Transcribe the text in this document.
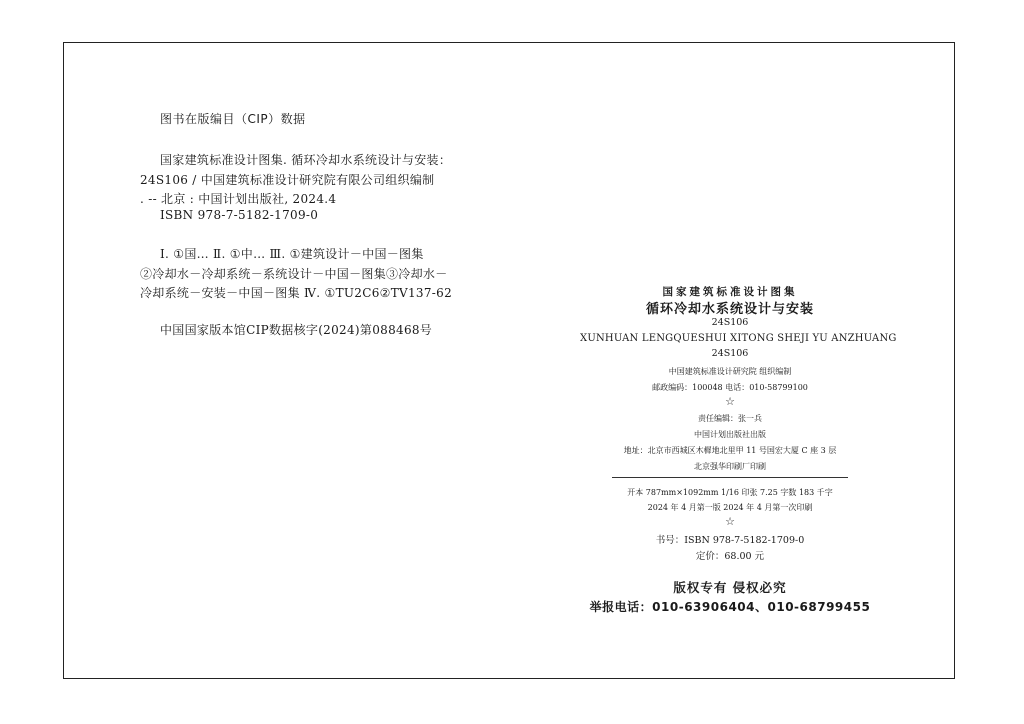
图书在版编目（CIP）数据
国家建筑标准设计图集. 循环冷却水系统设计与安装：
24S106 / 中国建筑标准设计研究院有限公司组织编制
. -- 北京 : 中国计划出版社, 2024.4
ISBN 978-7-5182-1709-0
Ⅰ. ①国… Ⅱ. ①中… Ⅲ. ①建筑设计－中国－图集
②冷却水－冷却系统－系统设计－中国－图集③冷却水－
冷却系统－安装－中国－图集 Ⅳ. ①TU2C6②TV137-62
中国国家版本馆CIP数据核字(2024)第088468号
国家建筑标准设计图集
循环冷却水系统设计与安装
24S106
XUNHUAN LENGQUESHUI XITONG SHEJI YU ANZHUANG
24S106
中国建筑标准设计研究院 组织编制
邮政编码：100048 电话：010-58799100
☆
责任编辑：张一兵
中国计划出版社出版
地址：北京市西城区木樨地北里甲 11 号国宏大厦 C 座 3 层
北京强华印刷厂印刷
开本 787mm×1092mm 1/16 印张 7.25 字数 183 千字
2024 年 4 月第一版 2024 年 4 月第一次印刷
☆
书号：ISBN 978-7-5182-1709-0
定价：68.00 元
版权专有 侵权必究
举报电话：010-63906404、010-68799455
